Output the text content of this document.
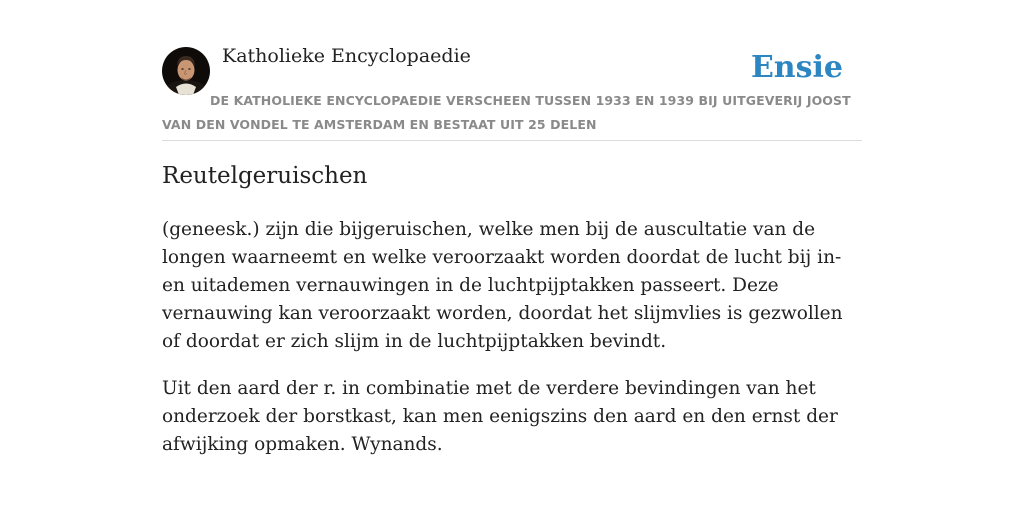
Katholieke Encyclopaedie	Ensie
DE KATHOLIEKE ENCYCLOPAEDIE VERSCHEEN TUSSEN 1933 EN 1939 BIJ UITGEVERIJ JOOST VAN DEN VONDEL TE AMSTERDAM EN BESTAAT UIT 25 DELEN
Reutelgeruischen

(geneesk.) zijn die bijgeruischen, welke men bij de auscultatie van de longen waarneemt en welke veroorzaakt worden doordat de lucht bij in- en uitademen vernauwingen in de luchtpijptakken passeert. Deze vernauwing kan veroorzaakt worden, doordat het slijmvlies is gezwollen of doordat er zich slijm in de luchtpijptakken bevindt.

Uit den aard der r. in combinatie met de verdere bevindingen van het onderzoek der borstkast, kan men eenigszins den aard en den ernst der afwijking opmaken. Wynands.
